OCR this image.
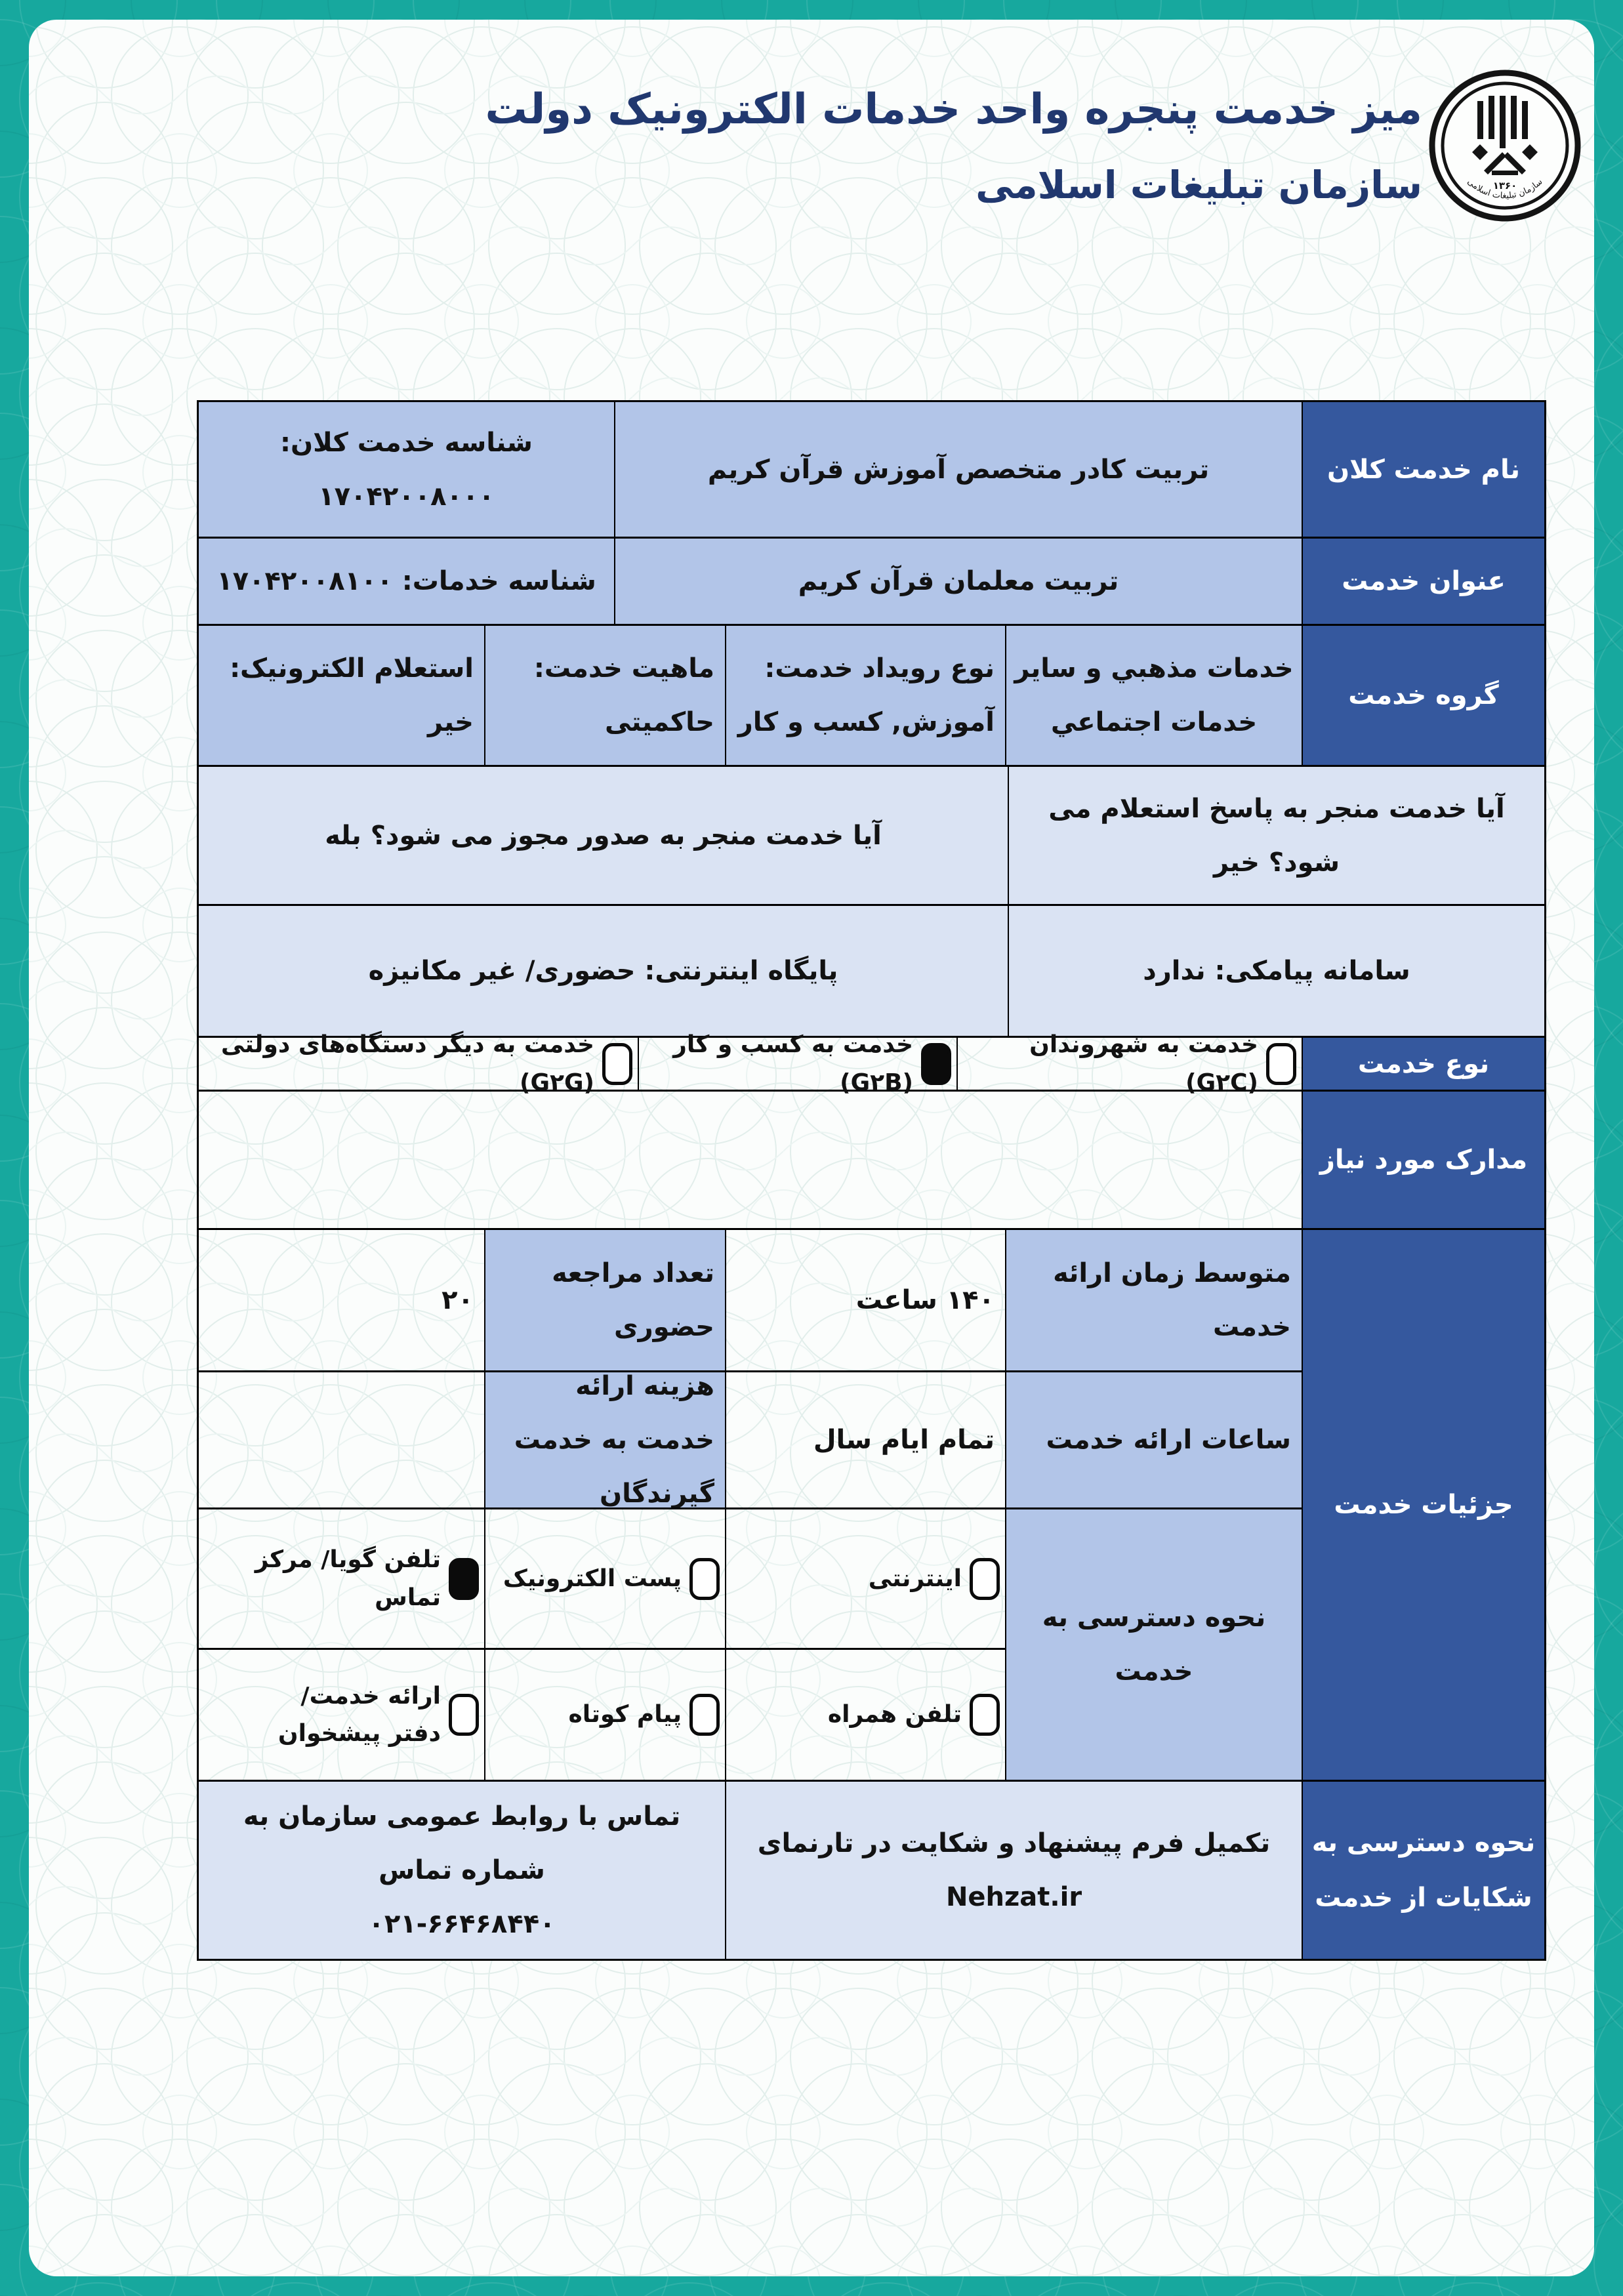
۱۳۶۰
سازمان تبلیغات اسلامی
میز خدمت پنجره واحد خدمات الکترونیک دولت
سازمان تبلیغات اسلامی
نام خدمت کلان
تربیت کادر متخصص آموزش قرآن کریم
شناسه خدمت کلان: ۱۷۰۴۲۰۰۸۰۰۰
عنوان خدمت
تربیت معلمان قرآن کریم
شناسه خدمات: ۱۷۰۴۲۰۰۸۱۰۰
گروه خدمت
خدمات مذهبي و سایر خدمات اجتماعي
نوع رویداد خدمت:
آموزش, کسب و کار
ماهیت خدمت:
حاکمیتی
استعلام الکترونیک:
خیر
آیا خدمت منجر به پاسخ استعلام می شود؟ خیر
آیا خدمت منجر به صدور مجوز می شود؟ بله
سامانه پیامکی: ندارد
پایگاه اینترنتی: حضوری/ غیر مکانیزه
نوع خدمت
خدمت به شهروندان (G۲C)
خدمت به کسب و کار (G۲B)
خدمت به دیگر دستگاه‌های دولتی (G۲G)
مدارک مورد نیاز
جزئیات خدمت
متوسط زمان ارائه خدمت
۱۴۰ ساعت
تعداد مراجعه حضوری
۲۰
ساعات ارائه خدمت
تمام ایام سال
هزینه ارائه خدمت به خدمت گیرندگان
نحوه دسترسی به خدمت
اینترنتی
پست الکترونیک
تلفن گویا/ مرکز تماس
تلفن همراه
پیام کوتاه
ارائه خدمت/ دفتر پیشخوان
نحوه دسترسی به شکایات از خدمت
تکمیل فرم پیشنهاد و شکایت در تارنمای Nehzat.ir
تماس با روابط عمومی سازمان به شماره تماس
۰۲۱-۶۶۴۶۸۴۴۰
